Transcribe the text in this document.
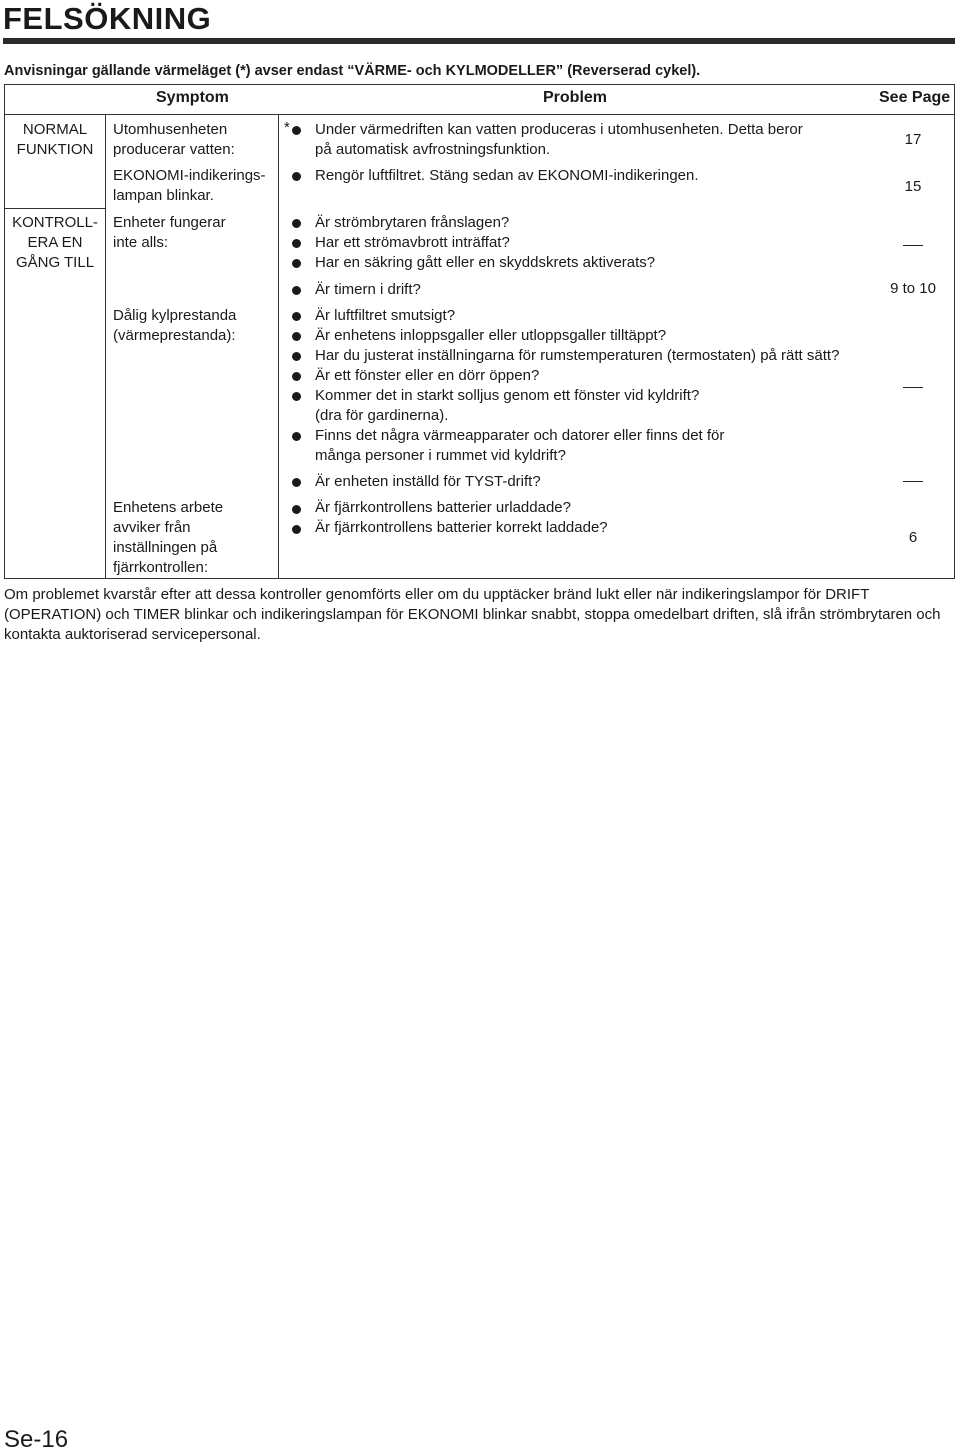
FELSÖKNING
Anvisningar gällande värmeläget (*) avser endast “VÄRME- och KYLMODELLER” (Reverserad cykel).
Symptom	Problem	See Page
NORMAL
FUNKTION
KONTROLL-
ERA EN
GÅNG TILL
Utomhusenheten
producerar vatten:
EKONOMI-indikerings-
lampan blinkar.
Enheter fungerar
inte alls:
Dålig kylprestanda
(värmeprestanda):
Enhetens arbete
avviker från
inställningen på
fjärrkontrollen:
* Under värmedriften kan vatten produceras i utomhusenheten. Detta beror
på automatisk avfrostningsfunktion.
Rengör luftfiltret. Stäng sedan av EKONOMI-indikeringen.
Är strömbrytaren frånslagen?
Har ett strömavbrott inträffat?
Har en säkring gått eller en skyddskrets aktiverats?
Är timern i drift?
Är luftfiltret smutsigt?
Är enhetens inloppsgaller eller utloppsgaller tilltäppt?
Har du justerat inställningarna för rumstemperaturen (termostaten) på rätt sätt?
Är ett fönster eller en dörr öppen?
Kommer det in starkt solljus genom ett fönster vid kyldrift?
(dra för gardinerna).
Finns det några värmeapparater och datorer eller finns det för
många personer i rummet vid kyldrift?
Är enheten inställd för TYST-drift?
Är fjärrkontrollens batterier urladdade?
Är fjärrkontrollens batterier korrekt laddade?
17
15
9 to 10
6
Om problemet kvarstår efter att dessa kontroller genomförts eller om du upptäcker bränd lukt eller när indikeringslampor för DRIFT (OPERATION) och TIMER blinkar och indikeringslampan för EKONOMI blinkar snabbt, stoppa omedelbart driften, slå ifrån strömbrytaren och kontakta auktoriserad servicepersonal.
Se-16
